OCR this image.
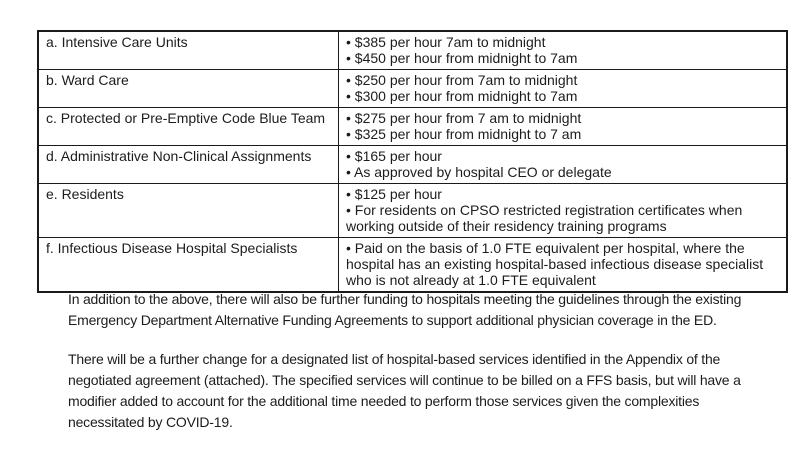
a. Intensive Care Units	• $385 per hour 7am to midnight
• $450 per hour from midnight to 7am

b. Ward Care	• $250 per hour from 7am to midnight
• $300 per hour from midnight to 7am

c. Protected or Pre-Emptive Code Blue Team	• $275 per hour from 7 am to midnight
• $325 per hour from midnight to 7 am

d. Administrative Non-Clinical Assignments	• $165 per hour
• As approved by hospital CEO or delegate

e. Residents	• $125 per hour
• For residents on CPSO restricted registration certificates when working outside of their residency training programs

f. Infectious Disease Hospital Specialists	• Paid on the basis of 1.0 FTE equivalent per hospital, where the hospital has an existing hospital-based infectious disease specialist who is not already at 1.0 FTE equivalent

In addition to the above, there will also be further funding to hospitals meeting the guidelines through the existing Emergency Department Alternative Funding Agreements to support additional physician coverage in the ED.

There will be a further change for a designated list of hospital-based services identified in the Appendix of the negotiated agreement (attached). The specified services will continue to be billed on a FFS basis, but will have a modifier added to account for the additional time needed to perform those services given the complexities necessitated by COVID-19.
